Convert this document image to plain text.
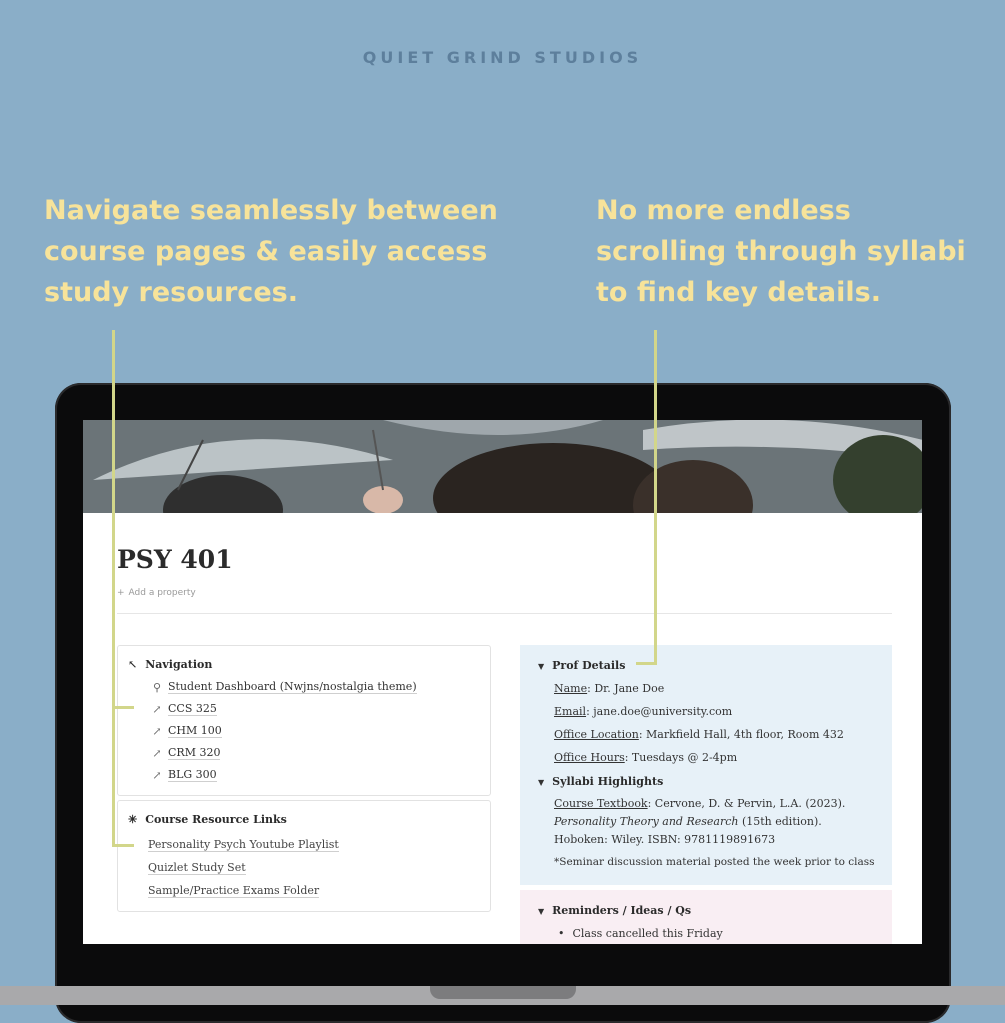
QUIET GRIND STUDIOS
Navigate seamlessly between course pages & easily access study resources.
No more endless scrolling through syllabi to find key details.
PSY 401
+ Add a property
↖ Navigation
⚲ Student Dashboard (Nwjns/nostalgia theme)
↗ CCS 325
↗ CHM 100
↗ CRM 320
↗ BLG 300
✳ Course Resource Links
Personality Psych Youtube Playlist
Quizlet Study Set
Sample/Practice Exams Folder
▼ Prof Details
Name: Dr. Jane Doe
Email: jane.doe@university.com
Office Location: Markfield Hall, 4th floor, Room 432
Office Hours: Tuesdays @ 2-4pm
▼ Syllabi Highlights
Course Textbook: Cervone, D. & Pervin, L.A. (2023). Personality Theory and Research (15th edition). Hoboken: Wiley. ISBN: 9781119891673
*Seminar discussion material posted the week prior to class
▼ Reminders / Ideas / Qs
• Class cancelled this Friday
